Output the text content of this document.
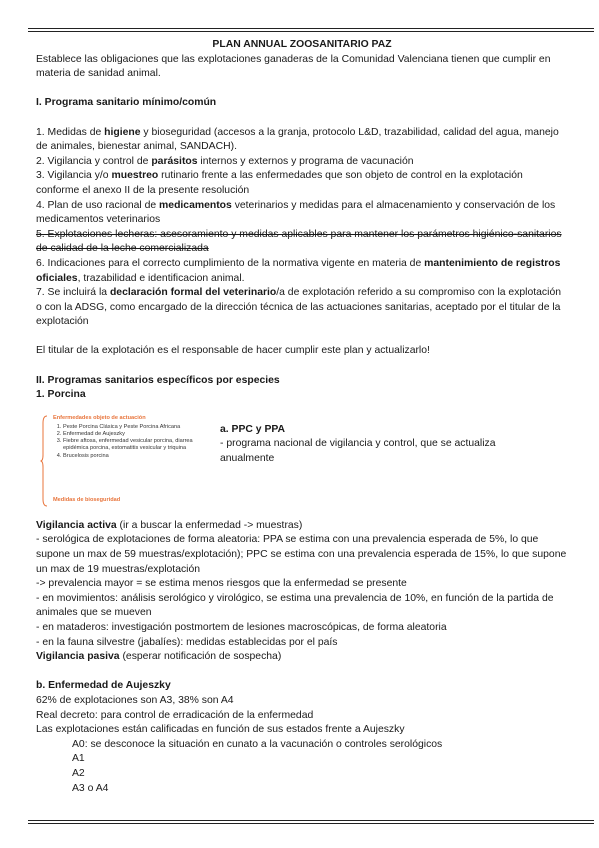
PLAN ANNUAL ZOOSANITARIO PAZ

Establece las obligaciones que las explotaciones ganaderas de la Comunidad Valenciana tienen que cumplir en materia de sanidad animal.

I. Programa sanitario mínimo/común

1. Medidas de higiene y bioseguridad (accesos a la granja, protocolo L&D, trazabilidad, calidad del agua, manejo de animales, bienestar animal, SANDACH).

2. Vigilancia y control de parásitos internos y externos y programa de vacunación

3. Vigilancia y/o muestreo rutinario frente a las enfermedades que son objeto de control en la explotación conforme el anexo II de la presente resolución

4. Plan de uso racional de medicamentos veterinarios y medidas para el almacenamiento y conservación de los medicamentos veterinarios

5. Explotaciones lecheras: asesoramiento y medidas aplicables para mantener los parámetros higiénico-sanitarios de calidad de la leche comercializada

6. Indicaciones para el correcto cumplimiento de la normativa vigente en materia de mantenimiento de registros oficiales, trazabilidad e identificacion animal.

7. Se incluirá la declaración formal del veterinario/a de explotación referido a su compromiso con la explotación o con la ADSG, como encargado de la dirección técnica de las actuaciones sanitarias, aceptado por el titular de la explotación

El titular de la explotación es el responsable de hacer cumplir este plan y actualizarlo!

II. Programas sanitarios específicos por especies

1. Porcina

Enfermedades objeto de actuación
1. Peste Porcina Clásica y Peste Porcina Africana
2. Enfermedad de Aujeszky
3. Fiebre aftosa, enfermedad vesicular porcina, diarrea epidémica porcina, estomatitis vesicular y triquina
4. Brucelosis porcina
Medidas de bioseguridad

a. PPC y PPA

- programa nacional de vigilancia y control, que se actualiza anualmente

Vigilancia activa (ir a buscar la enfermedad -> muestras)

- serológica de explotaciones de forma aleatoria: PPA se estima con una prevalencia esperada de 5%, lo que supone un max de 59 muestras/explotación); PPC se estima con una prevalencia esperada de 15%, lo que supone un max de 19 muestras/explotación

-> prevalencia mayor = se estima menos riesgos que la enfermedad se presente

- en movimientos: análisis serológico y virológico, se estima una prevalencia de 10%, en función de la partida de animales que se mueven

- en mataderos: investigación postmortem de lesiones macroscópicas, de forma aleatoria

- en la fauna silvestre (jabalíes): medidas establecidas por el país

Vigilancia pasiva (esperar notificación de sospecha)

b. Enfermedad de Aujeszky

62% de explotaciones son A3, 38% son A4

Real decreto: para control de erradicación de la enfermedad

Las explotaciones están calificadas en función de sus estados frente a Aujeszky

A0: se desconoce la situación en cunato a la vacunación o controles serológicos

A1

A2

A3 o A4
